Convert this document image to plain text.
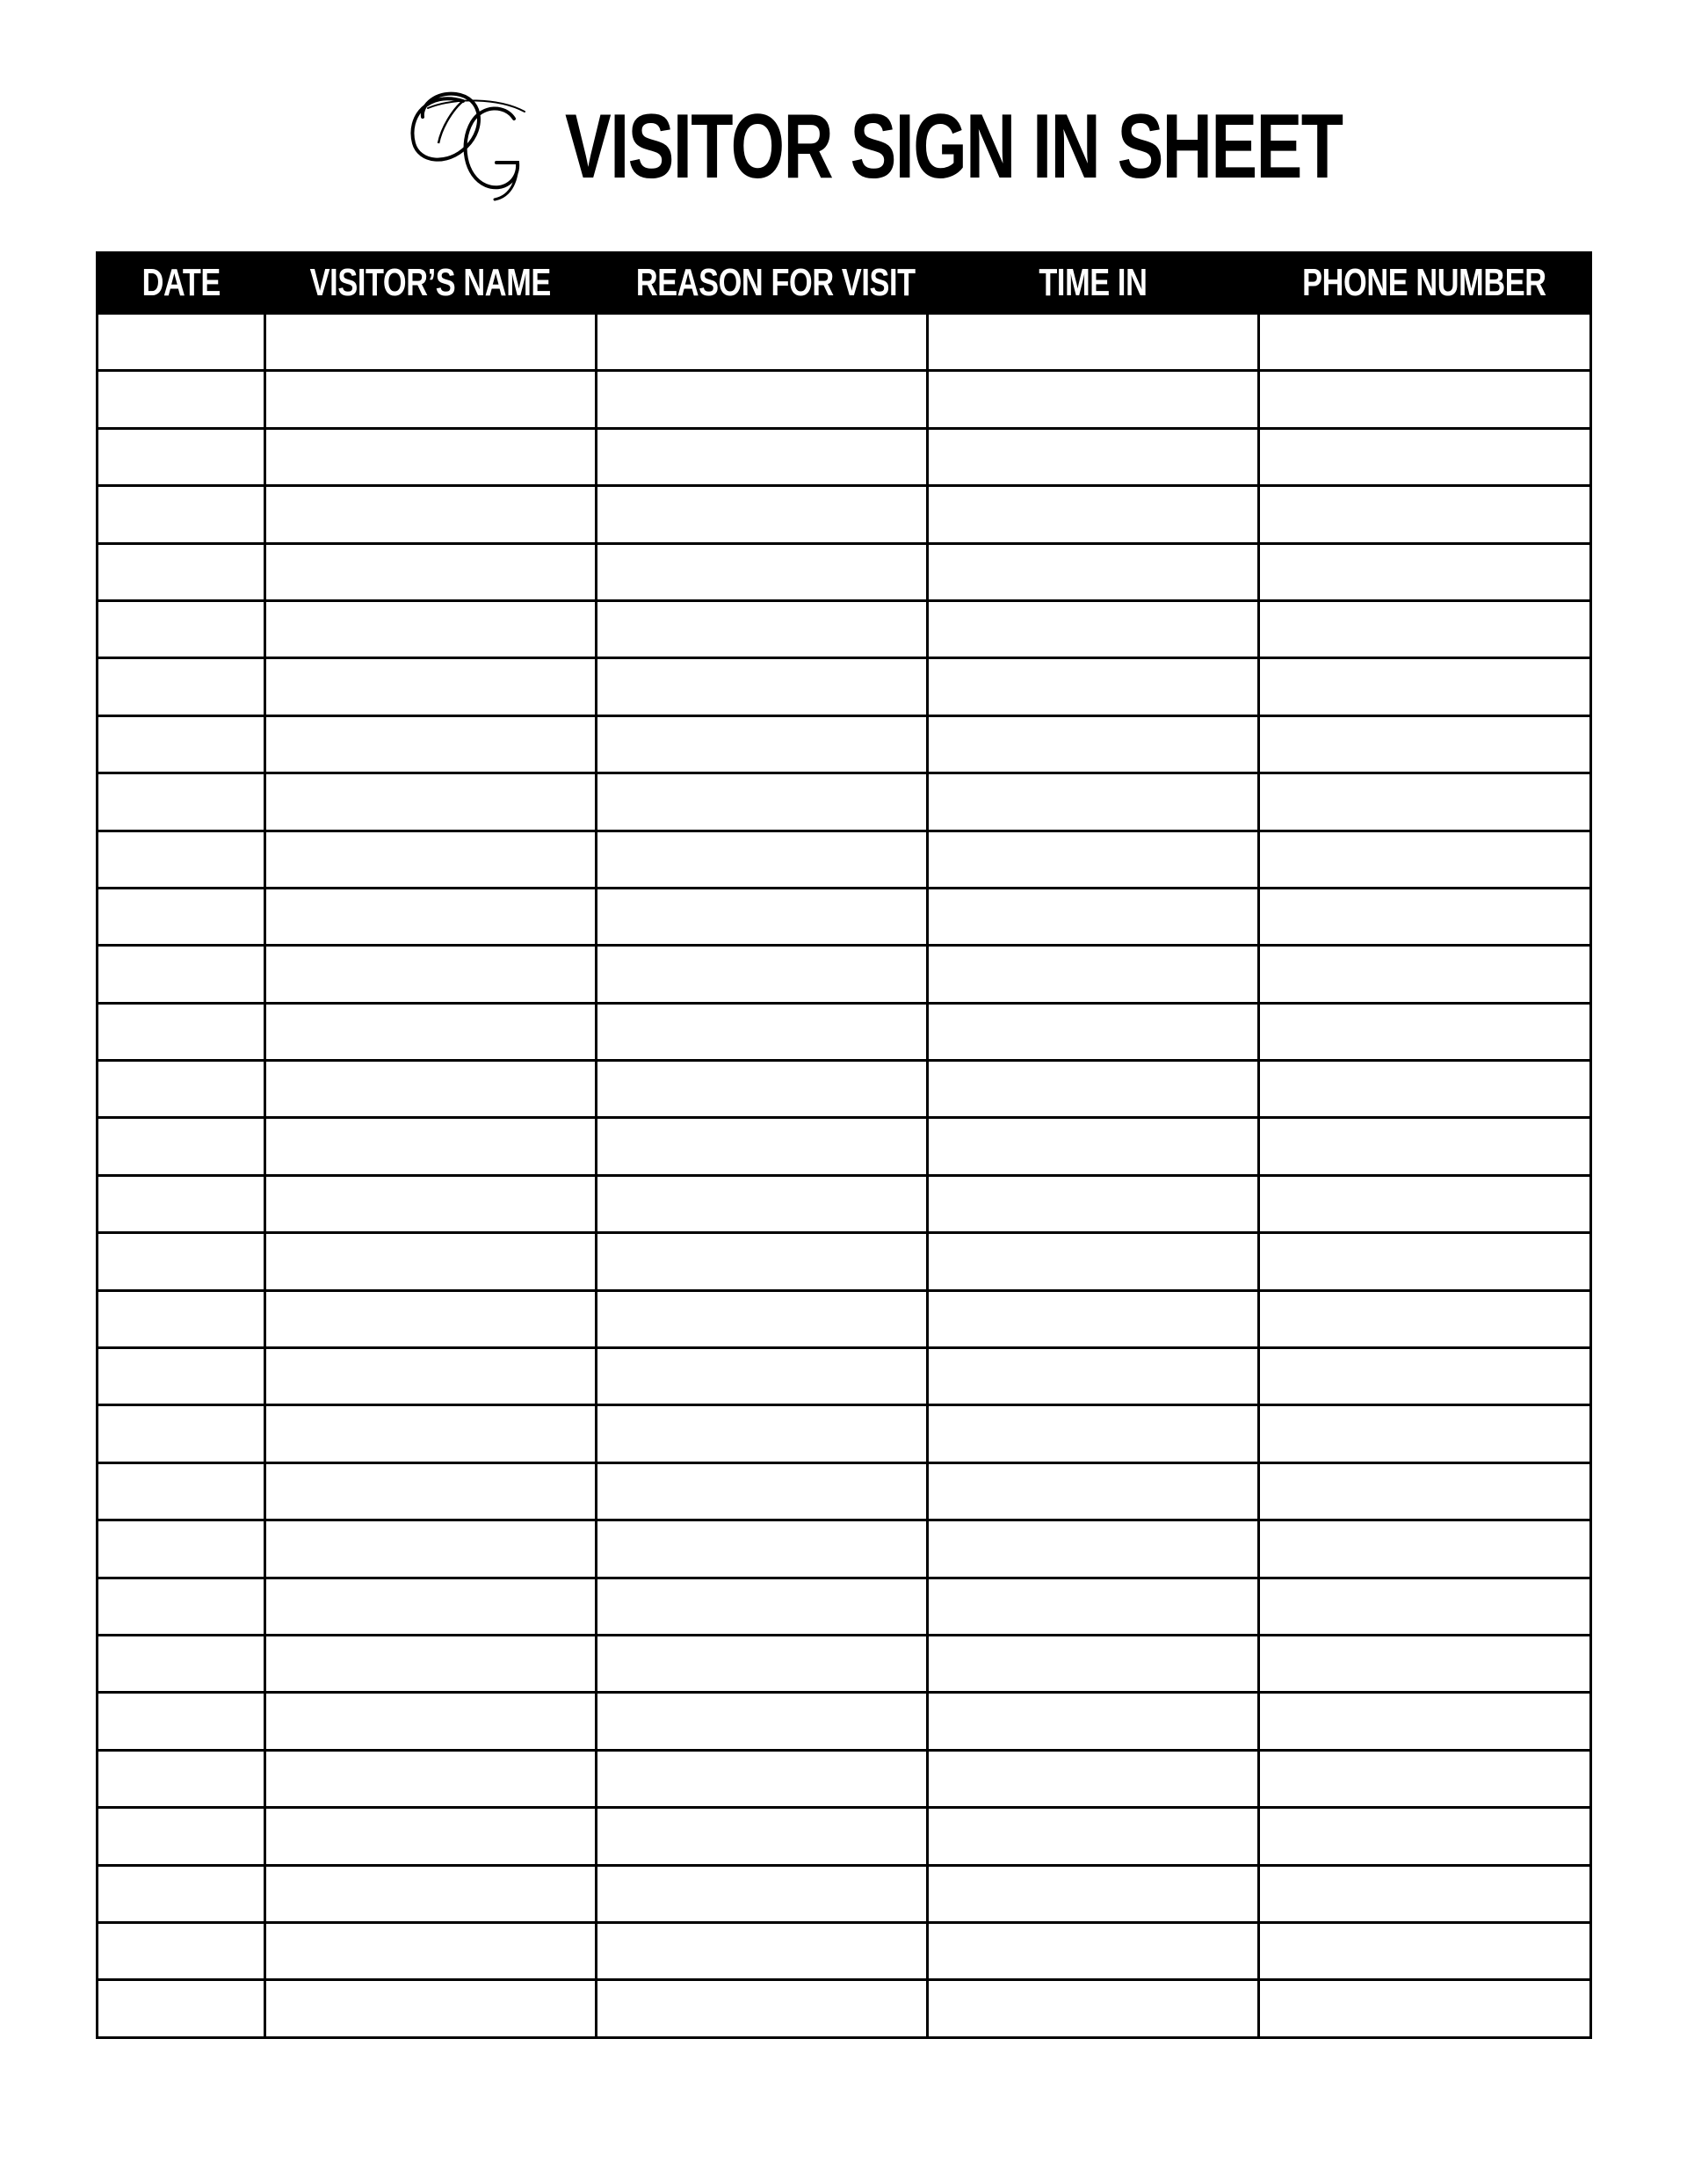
VISITOR SIGN IN SHEET
DATE	VISITOR’S NAME	REASON FOR VISIT	TIME IN	PHONE NUMBER
